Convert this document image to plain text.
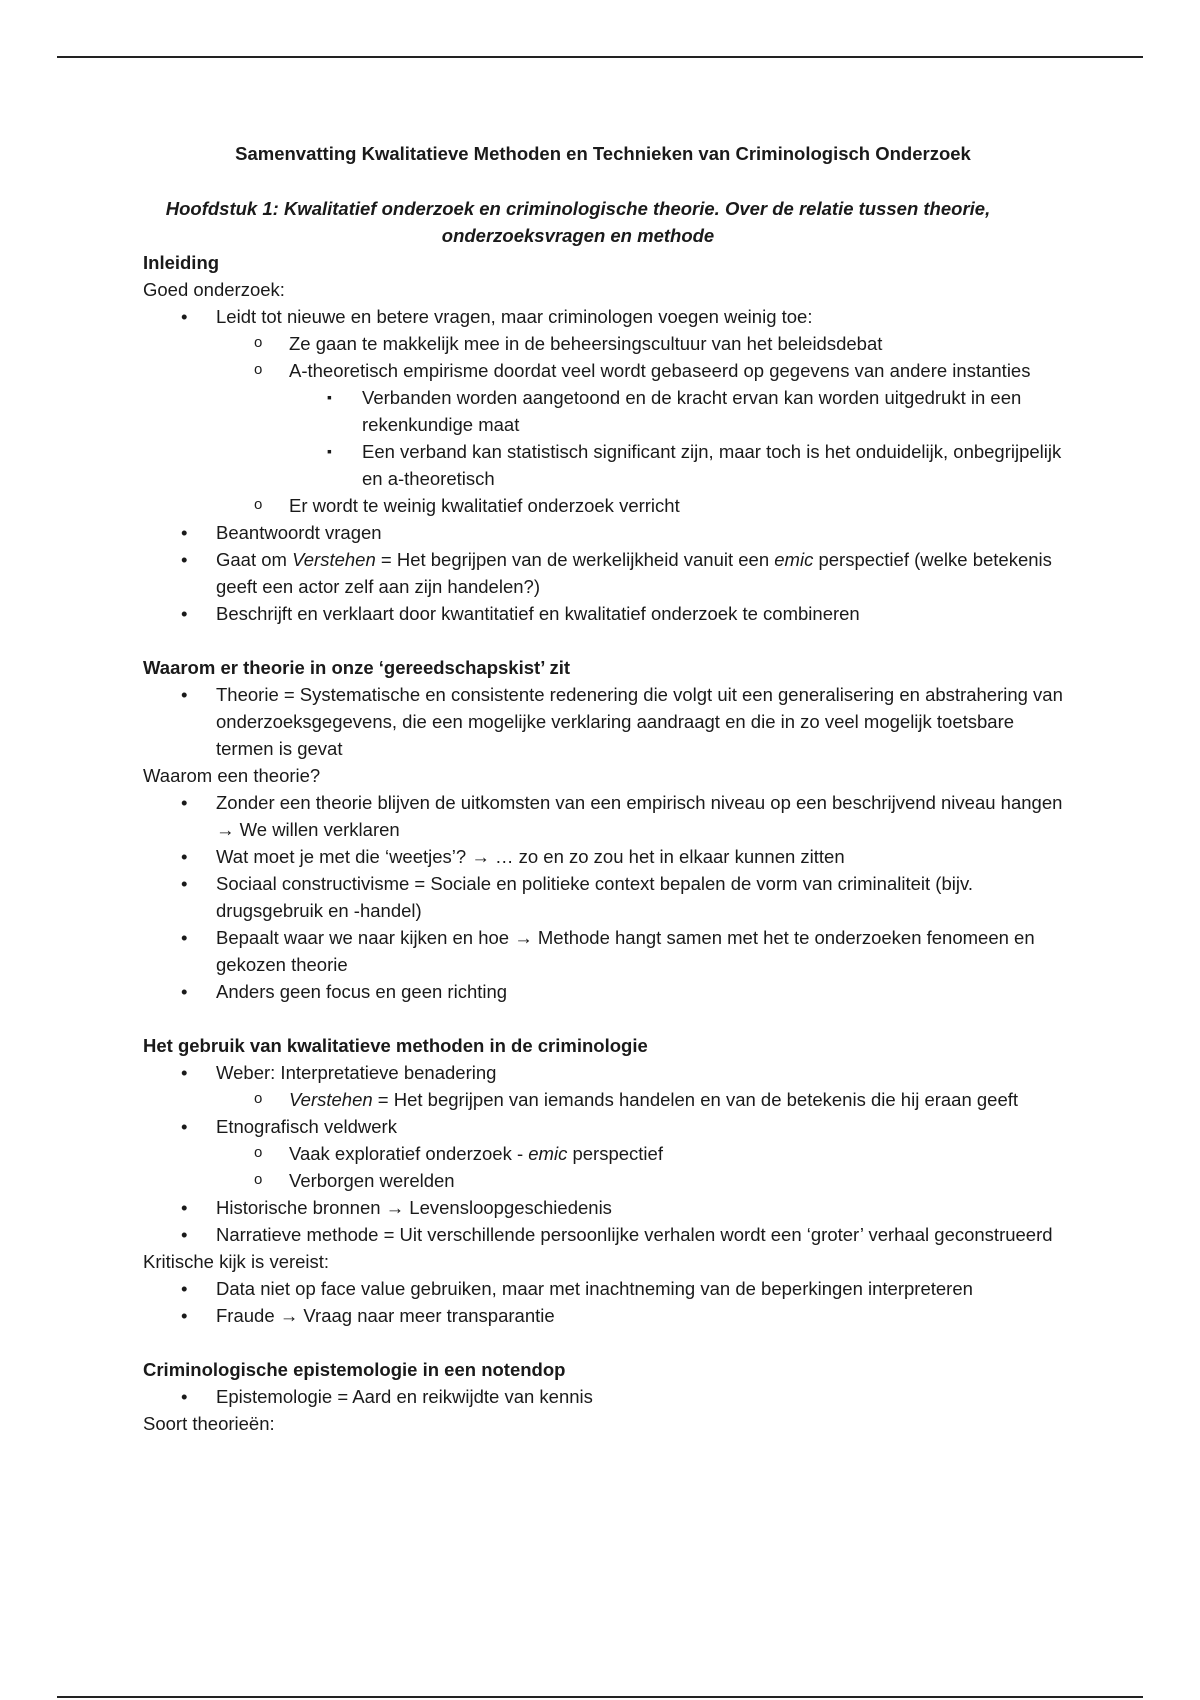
Samenvatting Kwalitatieve Methoden en Technieken van Criminologisch Onderzoek

Hoofdstuk 1: Kwalitatief onderzoek en criminologische theorie. Over de relatie tussen theorie, onderzoeksvragen en methode

Inleiding

Goed onderzoek:

• Leidt tot nieuwe en betere vragen, maar criminologen voegen weinig toe:
o Ze gaan te makkelijk mee in de beheersingscultuur van het beleidsdebat
o A-theoretisch empirisme doordat veel wordt gebaseerd op gegevens van andere instanties
▪ Verbanden worden aangetoond en de kracht ervan kan worden uitgedrukt in een rekenkundige maat
▪ Een verband kan statistisch significant zijn, maar toch is het onduidelijk, onbegrijpelijk en a-theoretisch
o Er wordt te weinig kwalitatief onderzoek verricht
• Beantwoordt vragen
• Gaat om Verstehen = Het begrijpen van de werkelijkheid vanuit een emic perspectief (welke betekenis geeft een actor zelf aan zijn handelen?)
• Beschrijft en verklaart door kwantitatief en kwalitatief onderzoek te combineren

Waarom er theorie in onze ‘gereedschapskist’ zit

• Theorie = Systematische en consistente redenering die volgt uit een generalisering en abstrahering van onderzoeksgegevens, die een mogelijke verklaring aandraagt en die in zo veel mogelijk toetsbare termen is gevat

Waarom een theorie?

• Zonder een theorie blijven de uitkomsten van een empirisch niveau op een beschrijvend niveau hangen → We willen verklaren
• Wat moet je met die ‘weetjes’? → … zo en zo zou het in elkaar kunnen zitten
• Sociaal constructivisme = Sociale en politieke context bepalen de vorm van criminaliteit (bijv. drugsgebruik en -handel)
• Bepaalt waar we naar kijken en hoe → Methode hangt samen met het te onderzoeken fenomeen en gekozen theorie
• Anders geen focus en geen richting

Het gebruik van kwalitatieve methoden in de criminologie

• Weber: Interpretatieve benadering
o Verstehen = Het begrijpen van iemands handelen en van de betekenis die hij eraan geeft
• Etnografisch veldwerk
o Vaak exploratief onderzoek - emic perspectief
o Verborgen werelden
• Historische bronnen → Levensloopgeschiedenis
• Narratieve methode = Uit verschillende persoonlijke verhalen wordt een ‘groter’ verhaal geconstrueerd

Kritische kijk is vereist:

• Data niet op face value gebruiken, maar met inachtneming van de beperkingen interpreteren
• Fraude → Vraag naar meer transparantie

Criminologische epistemologie in een notendop

• Epistemologie = Aard en reikwijdte van kennis

Soort theorieën:
